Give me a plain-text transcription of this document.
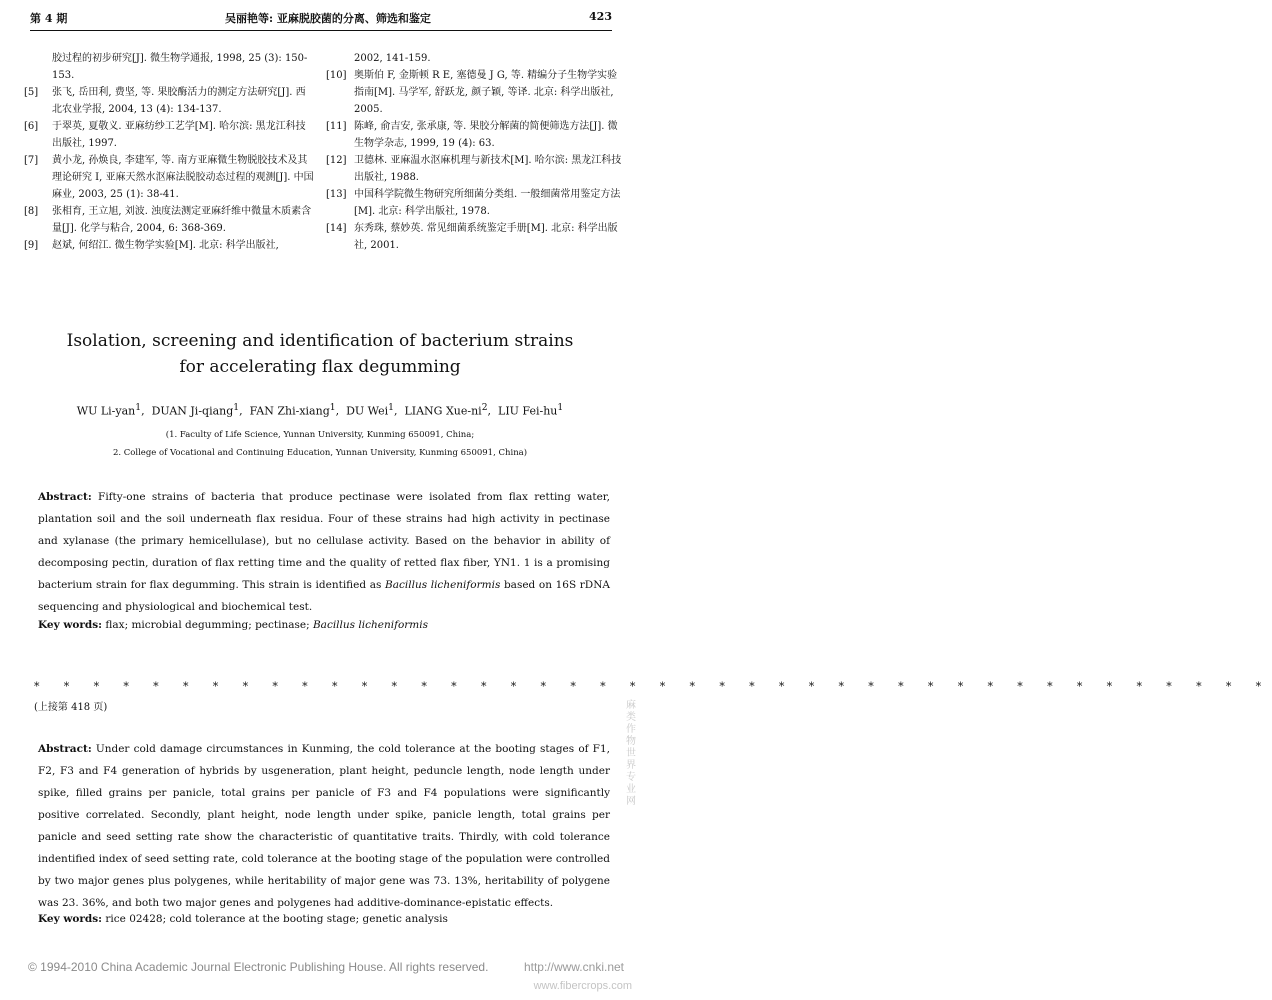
第 4 期	吴丽艳等: 亚麻脱胶菌的分离、筛选和鉴定	423
胶过程的初步研究[J]. 微生物学通报, 1998, 25 (3): 150-153.
[5]	张飞, 岳田利, 费坚, 等. 果胶酶活力的测定方法研究[J]. 西北农业学报, 2004, 13 (4): 134-137.
[6]	于翠英, 夏敬义. 亚麻纺纱工艺学[M]. 哈尔滨: 黑龙江科技出版社, 1997.
[7]	黄小龙, 孙焕良, 李建军, 等. 南方亚麻微生物脱胶技术及其理论研究 I, 亚麻天然水沤麻法脱胶动态过程的观测[J]. 中国麻业, 2003, 25 (1): 38-41.
[8]	张相育, 王立旭, 刘波. 浊度法测定亚麻纤维中微量木质素含量[J]. 化学与粘合, 2004, 6: 368-369.
[9]	赵斌, 何绍江. 微生物学实验[M]. 北京: 科学出版社,
2002, 141-159.
[10] 奥斯伯 F, 金斯顿 R E, 塞德曼 J G, 等. 精编分子生物学实验指南[M]. 马学军, 舒跃龙, 颜子颖, 等译. 北京: 科学出版社, 2005.
[11] 陈峰, 俞吉安, 张承康, 等. 果胶分解菌的简便筛选方法[J]. 微生物学杂志, 1999, 19 (4): 63.
[12] 卫德林. 亚麻温水沤麻机理与新技术[M]. 哈尔滨: 黑龙江科技出版社, 1988.
[13] 中国科学院微生物研究所细菌分类组. 一般细菌常用鉴定方法[M]. 北京: 科学出版社, 1978.
[14] 东秀珠, 蔡妙英. 常见细菌系统鉴定手册[M]. 北京: 科学出版社, 2001.
Isolation, screening and identification of bacterium strains
for accelerating flax degumming
WU Li-yan$^1$,  DUAN Ji-qiang$^1$,  FAN Zhi-xiang$^1$,  DU Wei$^1$,  LIANG Xue-$ni^2$,  LIU Fei-$hu^1$
(1. Faculty of Life Science, Yunnan University, Kunming 650091, China;
2. College of Vocational and Continuing Education, Yunnan University, Kunming 650091, China)
Abstract: Fifty-one strains of bacteria that produce pectinase were isolated from flax retting water, plantation soil and the soil underneath flax residua. Four of these strains had high activity in pectinase and xylanase (the primary hemicellulase), but no cellulase activity. Based on the behavior in ability of decomposing pectin, duration of flax retting time and the quality of retted flax fiber, YN1. 1 is a promising bacterium strain for flax degumming. This strain is identified as Bacillus licheniformis based on 16S rDNA sequencing and physiological and biochemical test.
Key words: flax; microbial degumming; pectinase; Bacillus licheniformis
* * * * * * * * * * * * * * * * * * * * * * * * * * * * * * * * * * * * * * * * * *
(上接第 418 页)
Abstract: Under cold damage circumstances in Kunming, the cold tolerance at the booting stages of F1, F2, F3 and F4 generation of hybrids by usgeneration, plant height, peduncle length, node length under spike, filled grains per panicle, total grains per panicle of F3 and F4 populations were significantly positive correlated. Secondly, plant height, node length under spike, panicle length, total grains per panicle and seed setting rate show the characteristic of quantitative traits. Thirdly, with cold tolerance indentified index of seed setting rate, cold tolerance at the booting stage of the population were controlled by two major genes plus polygenes, while heritability of major gene was 73. 13%, heritability of polygene was 23. 36%, and both two major genes and polygenes had additive-dominance-epistatic effects.
Key words: rice 02428; cold tolerance at the booting stage; genetic analysis
© 1994-2010 China Academic Journal Electronic Publishing House. All rights reserved.	http://www.cnki.net
www.fibercrops.com
麻类作物世界专业网
